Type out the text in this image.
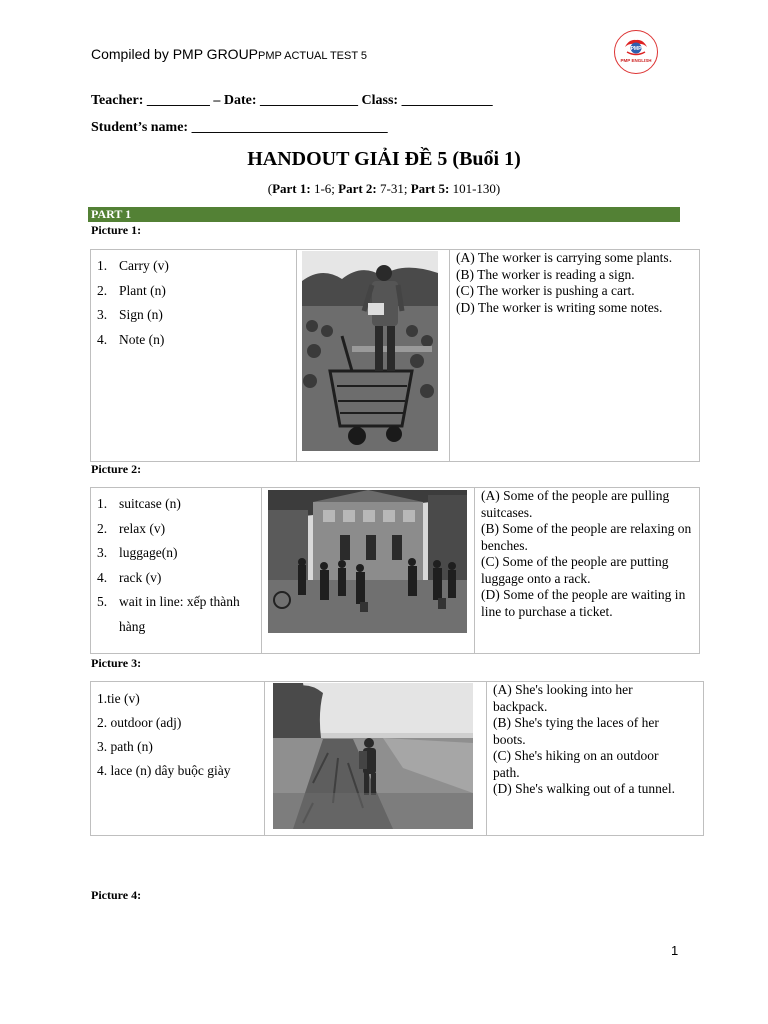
Compiled by PMP GROUPPMP ACTUAL TEST 5
PMP
PMP ENGLISH
Teacher: _________ – Date: ______________ Class: _____________
Student’s name: ____________________________
HANDOUT GIẢI ĐỀ 5 (Buổi 1)
(Part 1: 1-6; Part 2: 7-31; Part 5: 101-130)
PART 1
Picture 1:
1. Carry (v)
2. Plant (n)
3. Sign (n)
4. Note (n)

(A) The worker is carrying some plants.
(B) The worker is reading a sign.
(C) The worker is pushing a cart.
(D) The worker is writing some notes.
Picture 2:
1. suitcase (n)
2. relax (v)
3. luggage(n)
4. rack (v)
5. wait in line: xếp thành
hàng

(A) Some of the people are pulling
suitcases.
(B) Some of the people are relaxing on
benches.
(C) Some of the people are putting
luggage onto a rack.
(D) Some of the people are waiting in
line to purchase a ticket.
Picture 3:
1.tie (v)
2. outdoor (adj)
3. path (n)
4. lace (n) dây buộc giày

(A) She's looking into her
backpack.
(B) She's tying the laces of her
boots.
(C) She's hiking on an outdoor
path.
(D) She's walking out of a tunnel.
Picture 4:
1
